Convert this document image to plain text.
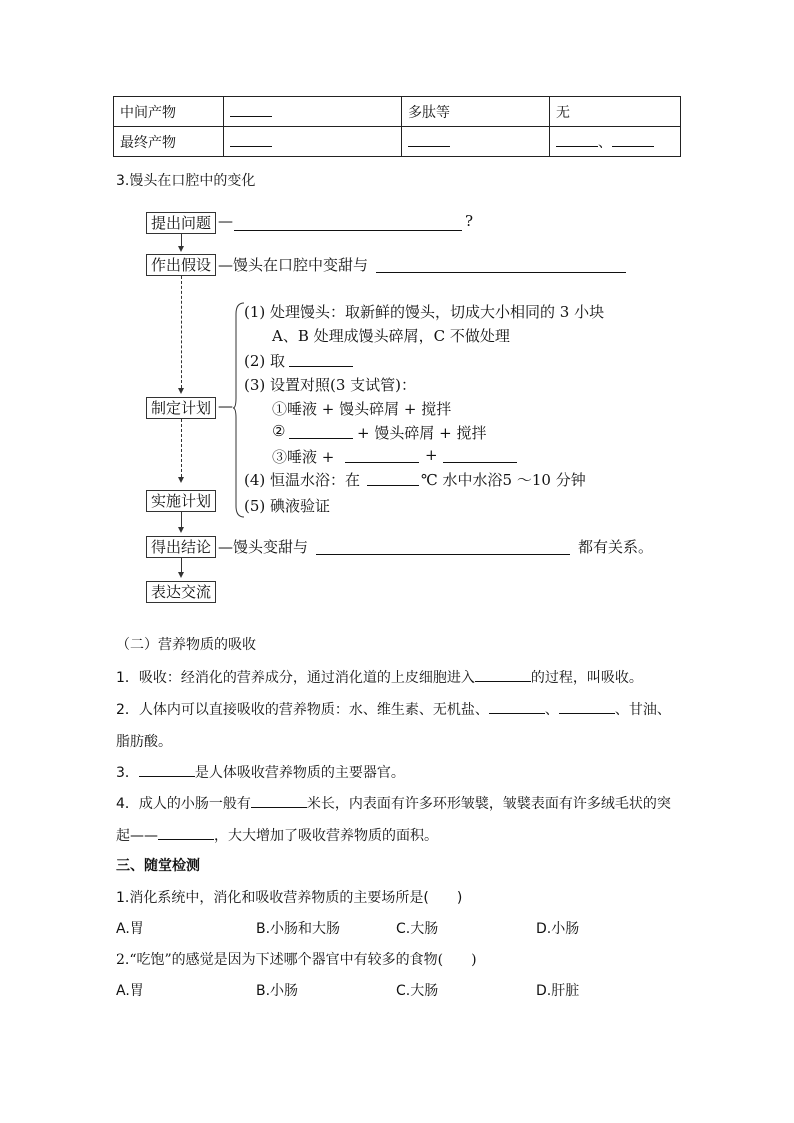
中间产物		多肽等	无
最终产物			、
3.馒头在口腔中的变化
提出问题 —	?
作出假设 —馒头在口腔中变甜与
制定计划 —
(1) 处理馒头：取新鲜的馒头，切成大小相同的 3 小块
A、B 处理成馒头碎屑，C 不做处理
(2) 取
(3) 设置对照(3 支试管)：
①唾液 + 馒头碎屑 + 搅拌
②	+ 馒头碎屑 + 搅拌
③唾液 +	+
(4) 恒温水浴：在	℃ 水中水浴5 ～10 分钟
(5) 碘液验证
实施计划
得出结论 —馒头变甜与	都有关系。
表达交流
（二）营养物质的吸收
1．吸收：经消化的营养成分，通过消化道的上皮细胞进入	的过程，叫吸收。
2．人体内可以直接吸收的营养物质：水、维生素、无机盐、	、	、甘油、
脂肪酸。
3．	是人体吸收营养物质的主要器官。
4．成人的小肠一般有	米长，内表面有许多环形皱襞，皱襞表面有许多绒毛状的突
起——	，大大增加了吸收营养物质的面积。
三、随堂检测
1.消化系统中，消化和吸收营养物质的主要场所是(　　)
A.胃	B.小肠和大肠	C.大肠	D.小肠
2.“吃饱”的感觉是因为下述哪个器官中有较多的食物(　　)
A.胃	B.小肠	C.大肠	D.肝脏
